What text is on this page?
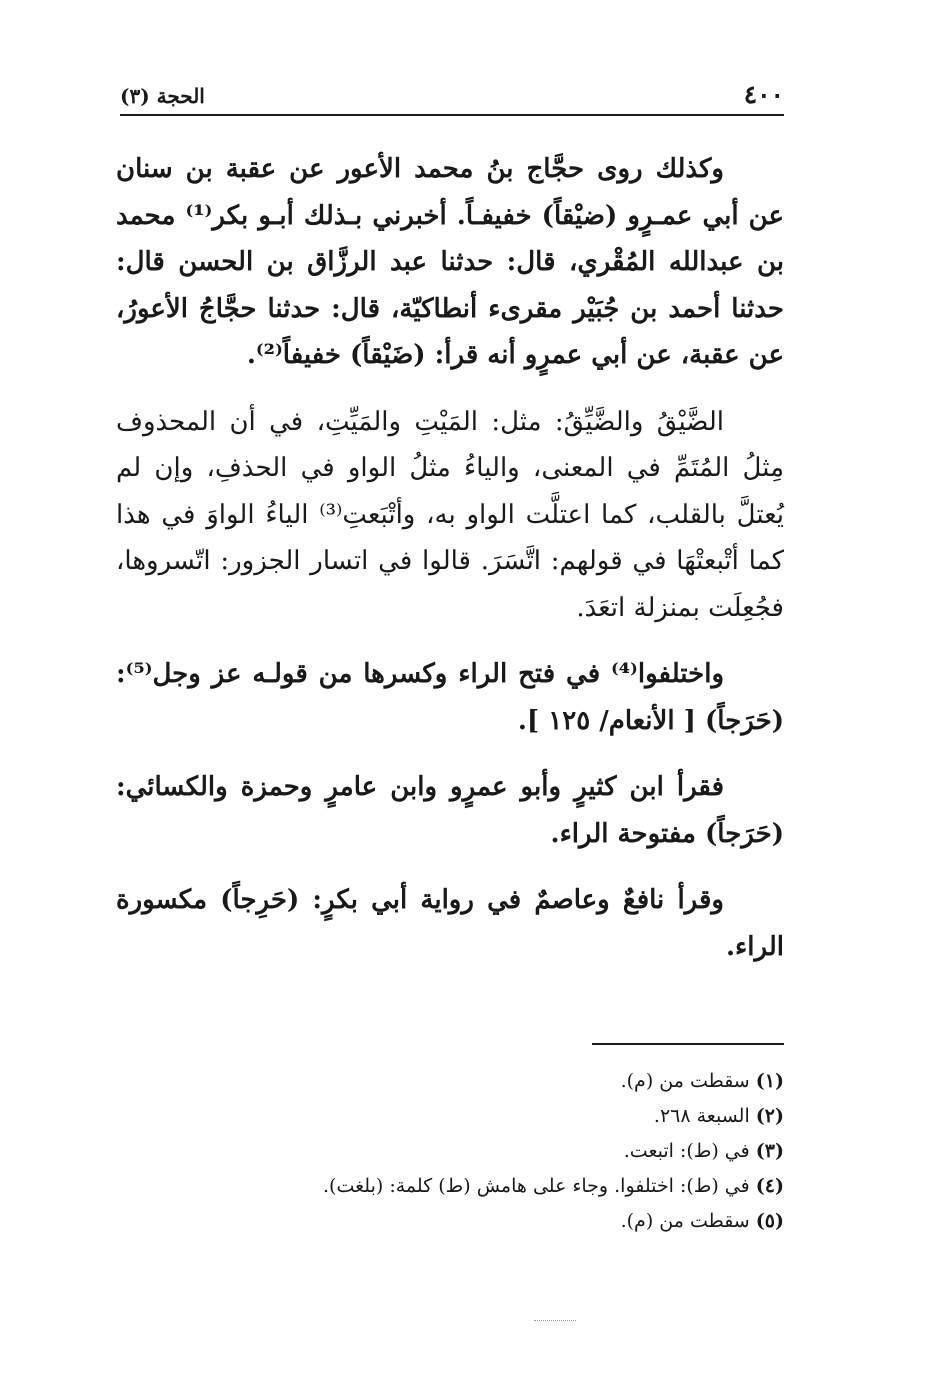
٤٠٠
الحجة (٣)

وكذلك روى حجَّاج بنُ محمد الأعور عن عقبة بن سنان عن أبي عمـرٍو (ضيْقاً) خفيفـاً. أخبرني بـذلك أبـو بكر⁽¹⁾ محمد بن عبدالله المُقْري، قال: حدثنا عبد الرزَّاق بن الحسن قال: حدثنا أحمد بن جُبَيْر مقرىء أنطاكيّة، قال: حدثنا حجَّاجُ الأعورُ، عن عقبة، عن أبي عمرٍو أنه قرأ: (ضَيْقاً) خفيفاً⁽²⁾.

الضَّيْقُ والضَّيِّقُ: مثل: المَيْتِ والمَيِّتِ، في أن المحذوف مِثلُ المُتَمِّ في المعنى، والياءُ مثلُ الواو في الحذفِ، وإن لم يُعتلَّ بالقلب، كما اعتلَّت الواو به، وأتْبَعتِ⁽³⁾ الياءُ الواوَ في هذا كما أتْبعتْهَا في قولهم: اتَّسَرَ. قالوا في اتسار الجزور: اتّسروها، فجُعِلَت بمنزلة اتعَدَ.

واختلفوا⁽⁴⁾ في فتح الراء وكسرها من قولـه عز وجل⁽⁵⁾: (حَرَجاً) [ الأنعام/ ١٢٥ ].

فقرأ ابن كثيرٍ وأبو عمرٍو وابن عامرٍ وحمزة والكسائي: (حَرَجاً) مفتوحة الراء.

وقرأ نافعٌ وعاصمٌ في رواية أبي بكرٍ: (حَرِجاً) مكسورة الراء.

(١) سقطت من (م).
(٢) السبعة ٢٦٨.
(٣) في (ط): اتبعت.
(٤) في (ط): اختلفوا. وجاء على هامش (ط) كلمة: (بلغت).
(٥) سقطت من (م).
